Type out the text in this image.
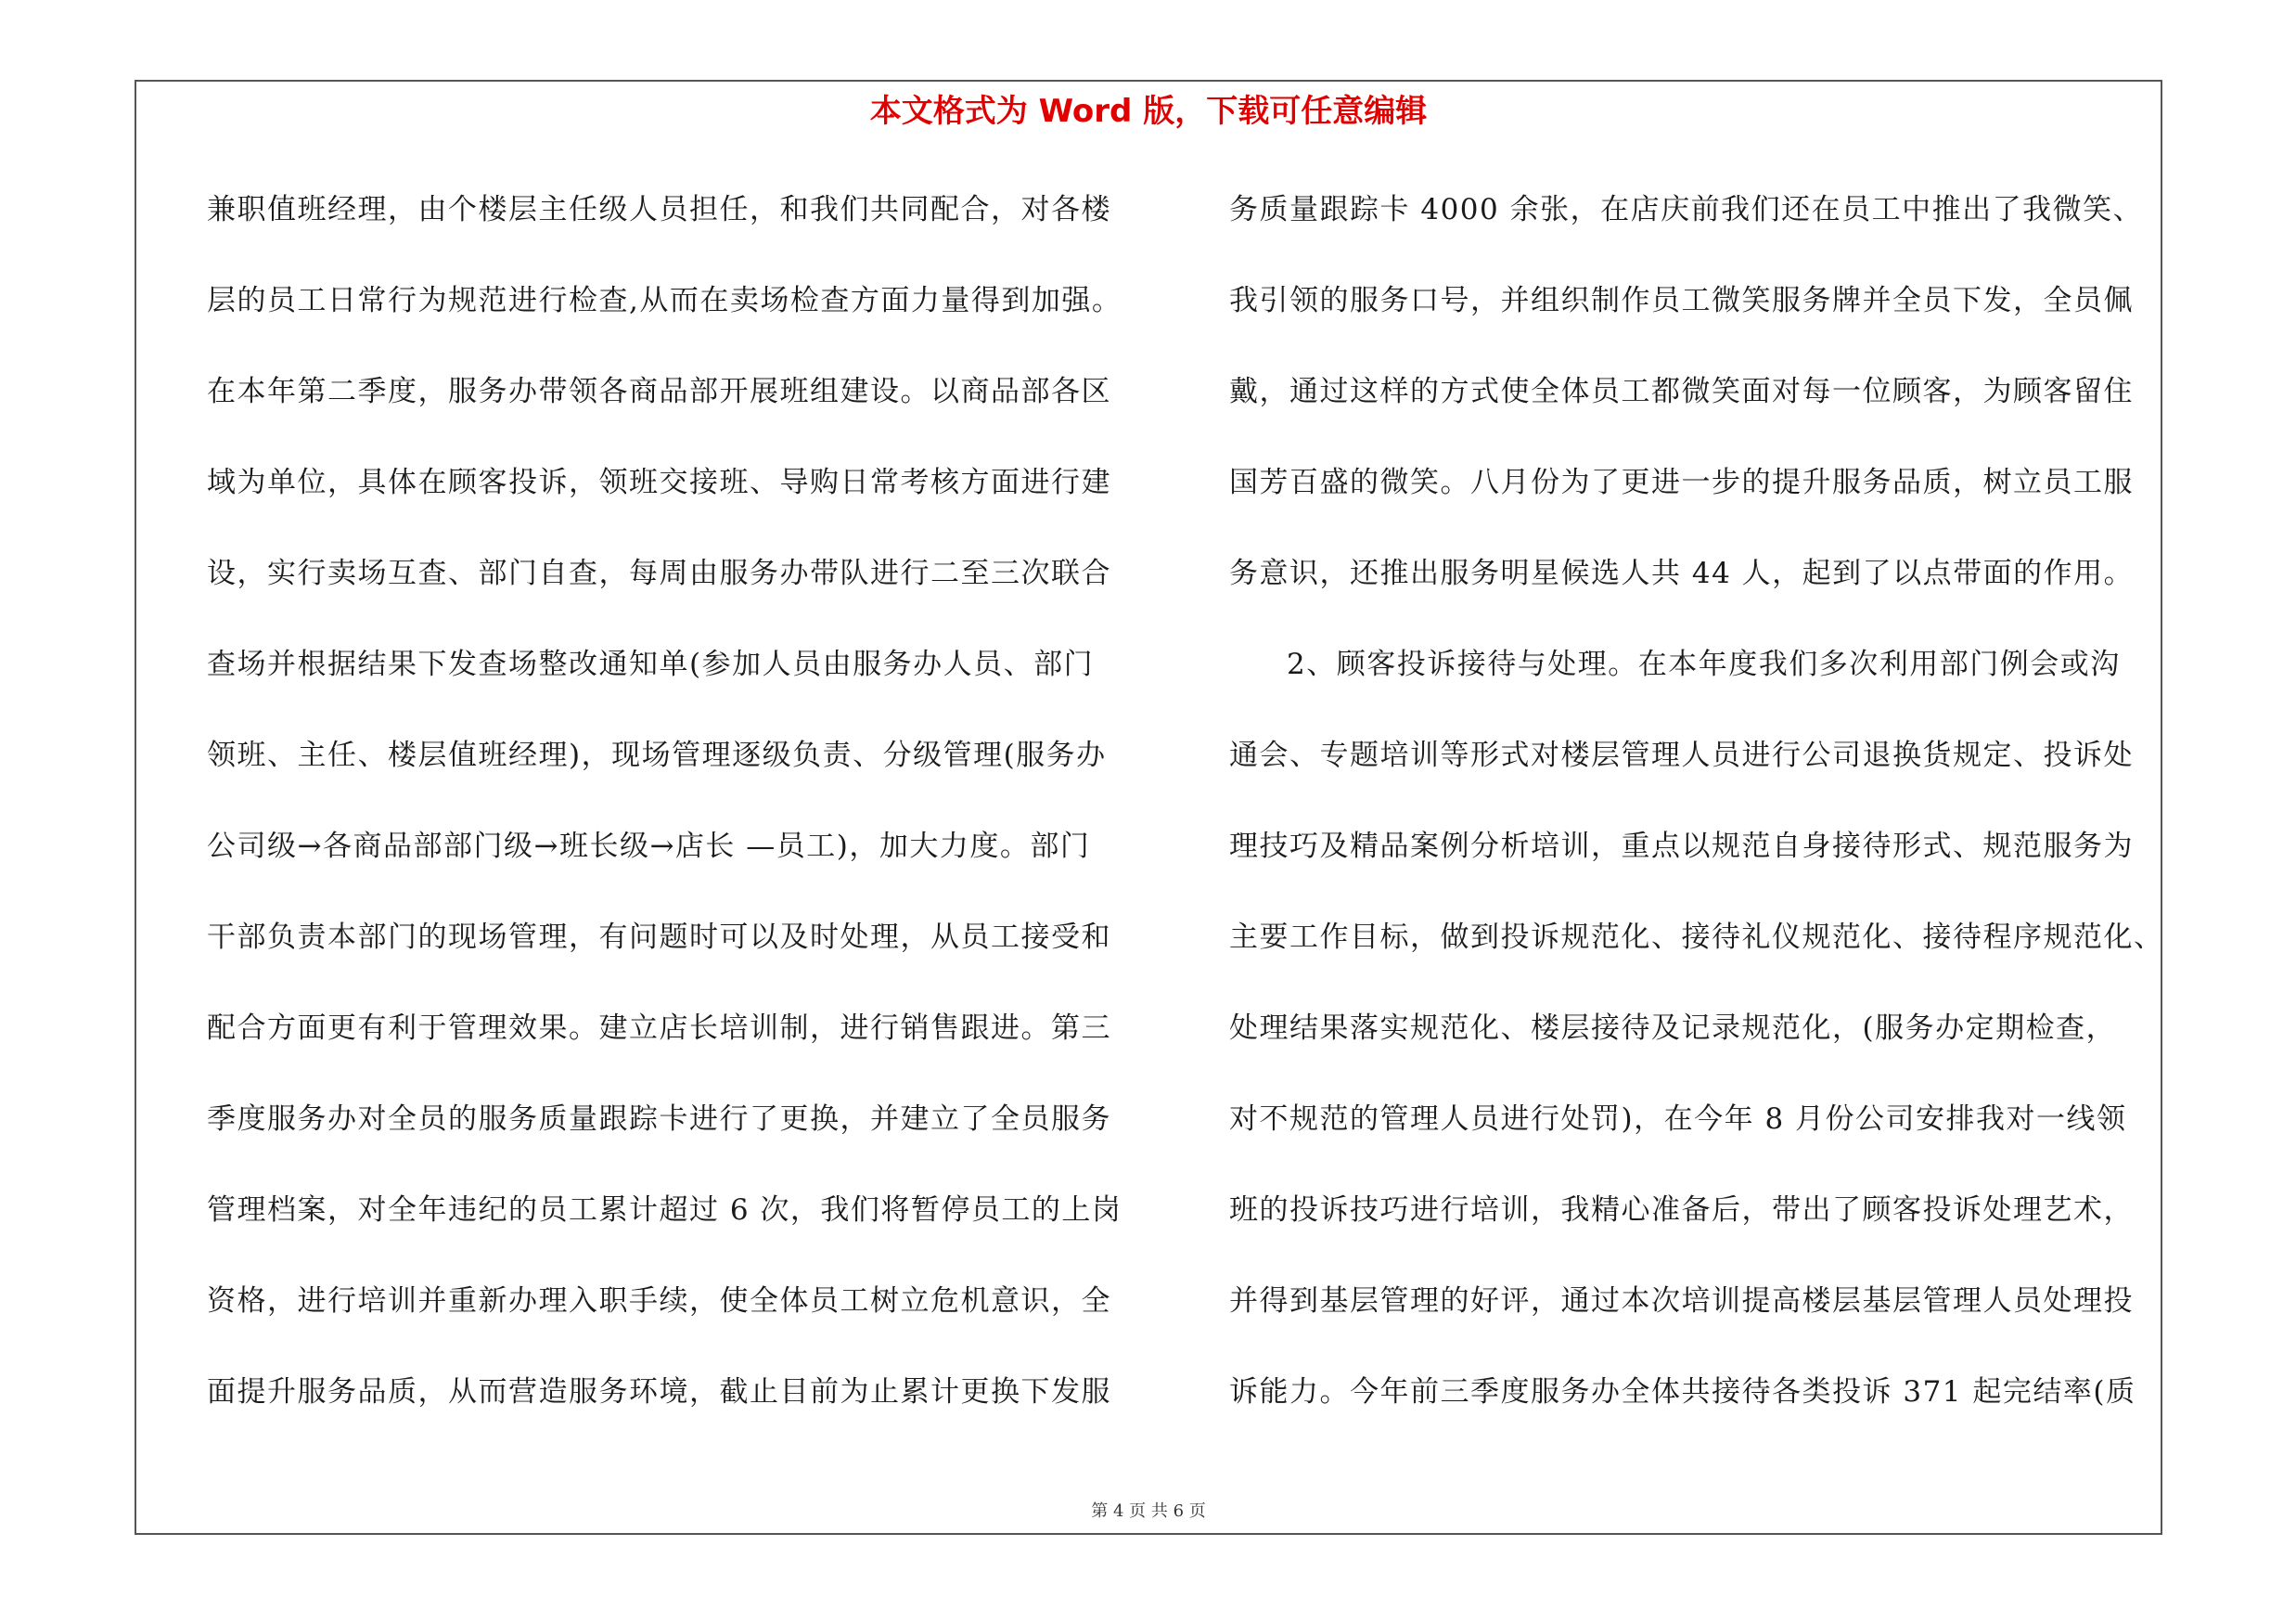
本文格式为 Word 版，下载可任意编辑
兼职值班经理，由个楼层主任级人员担任，和我们共同配合，对各楼
层的员工日常行为规范进行检查,从而在卖场检查方面力量得到加强。
在本年第二季度，服务办带领各商品部开展班组建设。以商品部各区
域为单位，具体在顾客投诉，领班交接班、导购日常考核方面进行建
设，实行卖场互查、部门自查，每周由服务办带队进行二至三次联合
查场并根据结果下发查场整改通知单(参加人员由服务办人员、部门
领班、主任、楼层值班经理)，现场管理逐级负责、分级管理(服务办
公司级→各商品部部门级→班长级→店长 —员工)，加大力度。部门
干部负责本部门的现场管理，有问题时可以及时处理，从员工接受和
配合方面更有利于管理效果。建立店长培训制，进行销售跟进。第三
季度服务办对全员的服务质量跟踪卡进行了更换，并建立了全员服务
管理档案，对全年违纪的员工累计超过 6 次，我们将暂停员工的上岗
资格，进行培训并重新办理入职手续，使全体员工树立危机意识，全
面提升服务品质，从而营造服务环境，截止目前为止累计更换下发服
务质量跟踪卡 4000 余张，在店庆前我们还在员工中推出了我微笑、
我引领的服务口号，并组织制作员工微笑服务牌并全员下发，全员佩
戴，通过这样的方式使全体员工都微笑面对每一位顾客，为顾客留住
国芳百盛的微笑。八月份为了更进一步的提升服务品质，树立员工服
务意识，还推出服务明星候选人共 44 人，起到了以点带面的作用。
2、顾客投诉接待与处理。在本年度我们多次利用部门例会或沟
通会、专题培训等形式对楼层管理人员进行公司退换货规定、投诉处
理技巧及精品案例分析培训，重点以规范自身接待形式、规范服务为
主要工作目标，做到投诉规范化、接待礼仪规范化、接待程序规范化、
处理结果落实规范化、楼层接待及记录规范化，(服务办定期检查，
对不规范的管理人员进行处罚)，在今年 8 月份公司安排我对一线领
班的投诉技巧进行培训，我精心准备后，带出了顾客投诉处理艺术，
并得到基层管理的好评，通过本次培训提高楼层基层管理人员处理投
诉能力。今年前三季度服务办全体共接待各类投诉 371 起完结率(质
第 4 页 共 6 页
